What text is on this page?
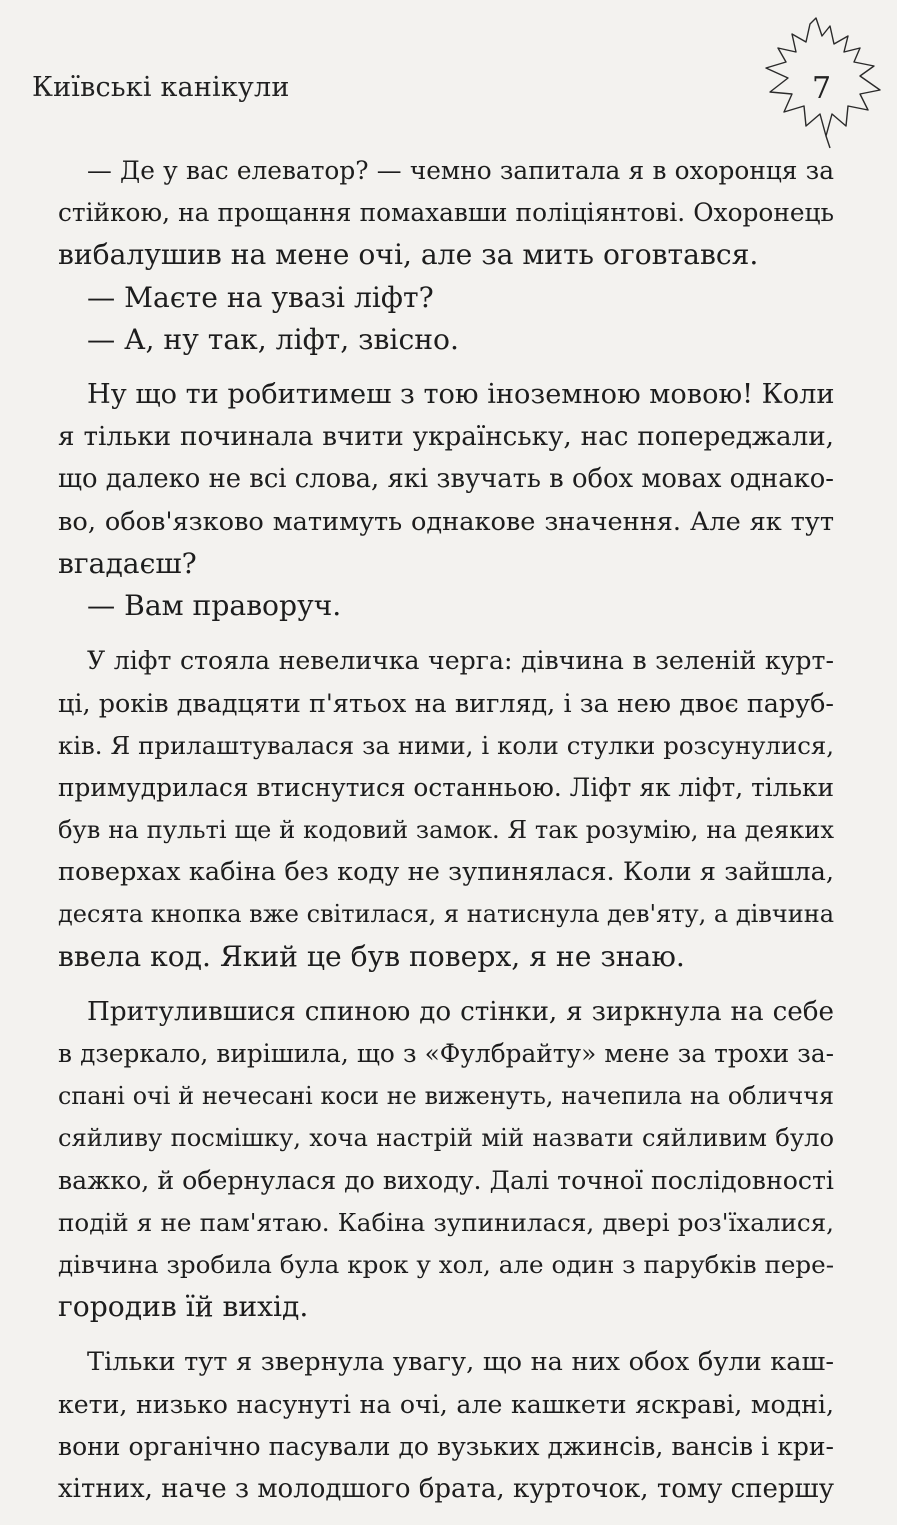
Київські канікули	7

— Де у вас елеватор? — чемно запитала я в охоронця за

стійкою, на прощання помахавши поліціянтові. Охоронець

вибалушив на мене очі, але за мить оговтався.

— Маєте на увазі ліфт?

— А, ну так, ліфт, звісно.

Ну що ти робитимеш з тою іноземною мовою! Коли

я тільки починала вчити українську, нас попереджали,

що далеко не всі слова, які звучать в обох мовах однако-

во, обов'язково матимуть однакове значення. Але як тут

вгадаєш?

— Вам праворуч.

У ліфт стояла невеличка черга: дівчина в зеленій курт-

ці, років двадцяти п'ятьох на вигляд, і за нею двоє паруб-

ків. Я прилаштувалася за ними, і коли стулки розсунулися,

примудрилася втиснутися останньою. Ліфт як ліфт, тільки

був на пульті ще й кодовий замок. Я так розумію, на деяких

поверхах кабіна без коду не зупинялася. Коли я зайшла,

десята кнопка вже світилася, я натиснула дев'яту, а дівчина

ввела код. Який це був поверх, я не знаю.

Притулившися спиною до стінки, я зиркнула на себе

в дзеркало, вирішила, що з «Фулбрайту» мене за трохи за-

спані очі й нечесані коси не виженуть, начепила на обличчя

сяйливу посмішку, хоча настрій мій назвати сяйливим було

важко, й обернулася до виходу. Далі точної послідовності

подій я не пам'ятаю. Кабіна зупинилася, двері роз'їхалися,

дівчина зробила була крок у хол, але один з парубків пере-

городив їй вихід.

Тільки тут я звернула увагу, що на них обох були каш-

кети, низько насунуті на очі, але кашкети яскраві, модні,

вони органічно пасували до вузьких джинсів, вансів і кри-

хітних, наче з молодшого брата, курточок, тому спершу
